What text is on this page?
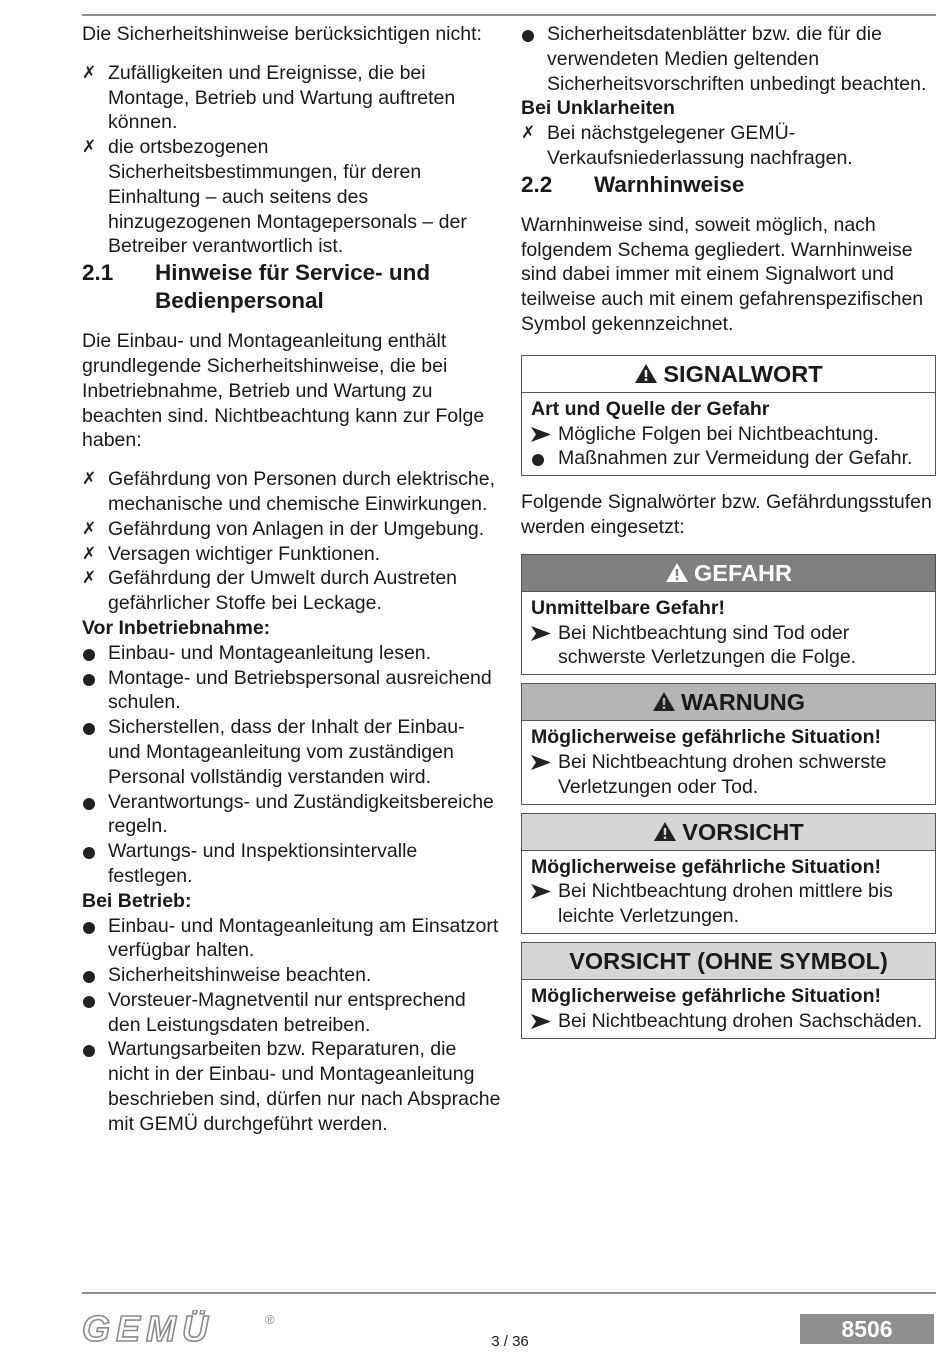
Die Sicherheitshinweise berücksichtigen nicht:

✗ Zufälligkeiten und Ereignisse, die bei Montage, Betrieb und Wartung auftreten können.
✗ die ortsbezogenen Sicherheitsbestimmungen, für deren Einhaltung – auch seitens des hinzugezogenen Montagepersonals – der Betreiber verantwortlich ist.
2.1	Hinweise für Service- und Bedienpersonal

Die Einbau- und Montageanleitung enthält grundlegende Sicherheitshinweise, die bei Inbetriebnahme, Betrieb und Wartung zu beachten sind. Nichtbeachtung kann zur Folge haben:

✗ Gefährdung von Personen durch elektrische, mechanische und chemische Einwirkungen.
✗ Gefährdung von Anlagen in der Umgebung.
✗ Versagen wichtiger Funktionen.
✗ Gefährdung der Umwelt durch Austreten gefährlicher Stoffe bei Leckage.

Vor Inbetriebnahme:

Einbau- und Montageanleitung lesen.
Montage- und Betriebspersonal ausreichend schulen.
Sicherstellen, dass der Inhalt der Einbau- und Montageanleitung vom zuständigen Personal vollständig verstanden wird.
Verantwortungs- und Zuständigkeitsbereiche regeln.
Wartungs- und Inspektionsintervalle festlegen.

Bei Betrieb:

Einbau- und Montageanleitung am Einsatzort verfügbar halten.
Sicherheitshinweise beachten.
Vorsteuer-Magnetventil nur entsprechend den Leistungsdaten betreiben.
Wartungsarbeiten bzw. Reparaturen, die nicht in der Einbau- und Montageanleitung beschrieben sind, dürfen nur nach Absprache mit GEMÜ durchgeführt werden.
Sicherheitsdatenblätter bzw. die für die verwendeten Medien geltenden Sicherheitsvorschriften unbedingt beachten.

Bei Unklarheiten

✗ Bei nächstgelegener GEMÜ-Verkaufsniederlassung nachfragen.
2.2	Warnhinweise

Warnhinweise sind, soweit möglich, nach folgendem Schema gegliedert. Warnhinweise sind dabei immer mit einem Signalwort und teilweise auch mit einem gefahrenspezifischen Symbol gekennzeichnet.

SIGNALWORT

Art und Quelle der Gefahr

Mögliche Folgen bei Nichtbeachtung.
Maßnahmen zur Vermeidung der Gefahr.

Folgende Signalwörter bzw. Gefährdungsstufen werden eingesetzt:

GEFAHR

Unmittelbare Gefahr!

Bei Nichtbeachtung sind Tod oder schwerste Verletzungen die Folge.
WARNUNG

Möglicherweise gefährliche Situation!

Bei Nichtbeachtung drohen schwerste Verletzungen oder Tod.
VORSICHT

Möglicherweise gefährliche Situation!

Bei Nichtbeachtung drohen mittlere bis leichte Verletzungen.
VORSICHT (OHNE SYMBOL)

Möglicherweise gefährliche Situation!

Bei Nichtbeachtung drohen Sachschäden.
GEMÜ	®
3 / 36	8506
